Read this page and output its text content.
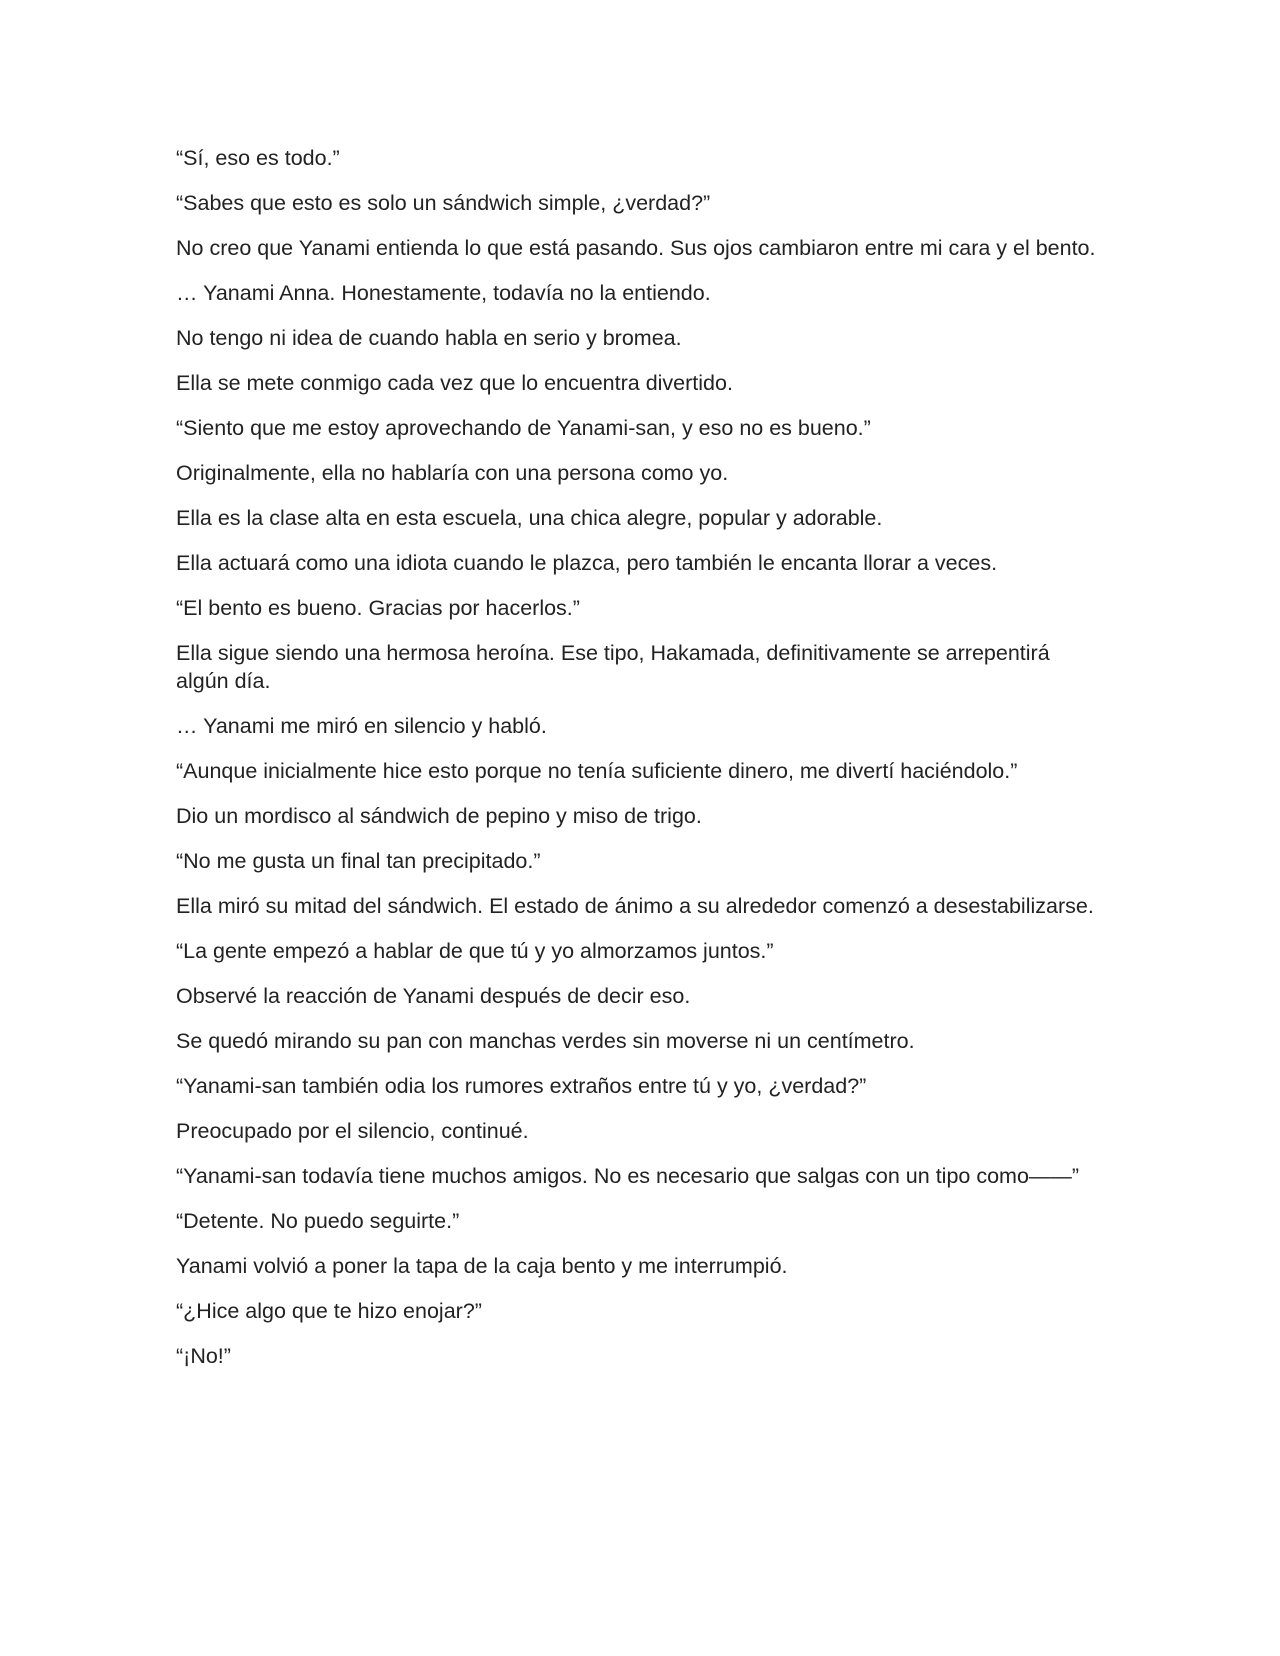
“Sí, eso es todo.”

“Sabes que esto es solo un sándwich simple, ¿verdad?”

No creo que Yanami entienda lo que está pasando. Sus ojos cambiaron entre mi cara y el bento.

… Yanami Anna. Honestamente, todavía no la entiendo.

No tengo ni idea de cuando habla en serio y bromea.

Ella se mete conmigo cada vez que lo encuentra divertido.

“Siento que me estoy aprovechando de Yanami-san, y eso no es bueno.”

Originalmente, ella no hablaría con una persona como yo.

Ella es la clase alta en esta escuela, una chica alegre, popular y adorable.

Ella actuará como una idiota cuando le plazca, pero también le encanta llorar a veces.

“El bento es bueno. Gracias por hacerlos.”

Ella sigue siendo una hermosa heroína. Ese tipo, Hakamada, definitivamente se arrepentirá algún día.

… Yanami me miró en silencio y habló.

“Aunque inicialmente hice esto porque no tenía suficiente dinero, me divertí haciéndolo.”

Dio un mordisco al sándwich de pepino y miso de trigo.

“No me gusta un final tan precipitado.”

Ella miró su mitad del sándwich. El estado de ánimo a su alrededor comenzó a desestabilizarse.

“La gente empezó a hablar de que tú y yo almorzamos juntos.”

Observé la reacción de Yanami después de decir eso.

Se quedó mirando su pan con manchas verdes sin moverse ni un centímetro.

“Yanami-san también odia los rumores extraños entre tú y yo, ¿verdad?”

Preocupado por el silencio, continué.

“Yanami-san todavía tiene muchos amigos. No es necesario que salgas con un tipo como——”

“Detente. No puedo seguirte.”

Yanami volvió a poner la tapa de la caja bento y me interrumpió.

“¿Hice algo que te hizo enojar?”

“¡No!”
